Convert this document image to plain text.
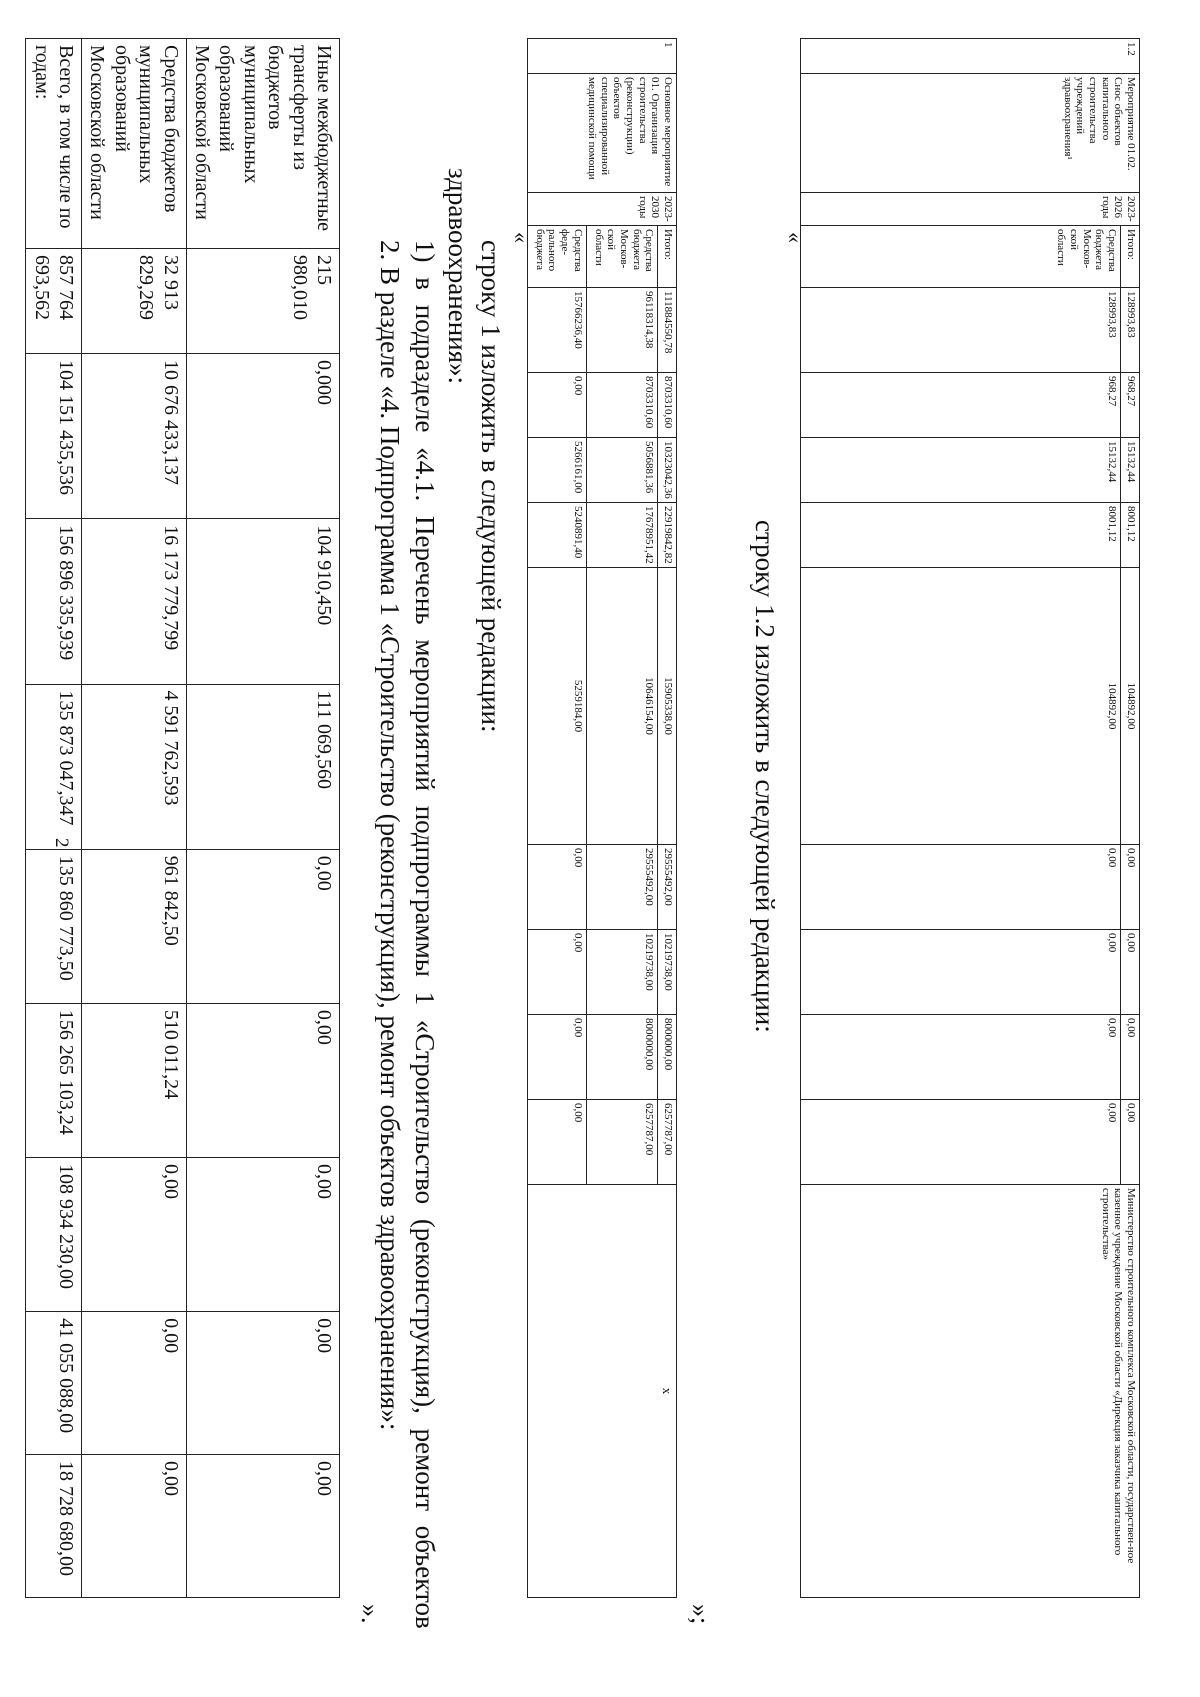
2
Иные межбюджетные трансферты из бюджетов муниципальных образований Московской области	215 980,010	0,000	104 910,450	111 069,560	0,00	0,00	0,00	0,00	0,00
Средства бюджетов муниципальных образований Московской области	32 913 829,269	10 676 433,137	16 173 779,799	4 591 762,593	961 842,50	510 011,24	0,00	0,00	0,00
Всего, в том числе по годам:	857 764 693,562	104 151 435,536	156 896 335,939	135 873 047,347	135 860 773,50	156 265 103,24	108 934 230,00	41 055 088,00	18 728 680,00
».
2. В разделе «4. Подпрограмма 1 «Строительство (реконструкция), ремонт объектов здравоохранения»: 1) в подразделе «4.1. Перечень мероприятий подпрограммы 1 «Строительство (реконструкция), ремонт объектов здравоохранения»: строку 1 изложить в следующей редакции:
«
1	Основное мероприятие 01. Организация строительства (реконструкции) объектов специализированной медицинской помощи	2023-2030 годы	Итого:	111884550,78	8703310,60	10323042,36	22919842,82	15905338,00	29555492,00	10219738,00	8000000,00	6257787,00	х
			Средства бюджета Москов-ской области	96118314,38	8703310,60	5056881,36	17678951,42	10646154,00	29555492,00	10219738,00	8000000,00	6257787,00	
			Средства феде-рального бюджета	15766236,40	0,00	5266161,00	5240891,40	5259184,00	0,00	0,00	0,00	0,00	
»;
строку 1.2 изложить в следующей редакции:
«
1.2	Мероприятие 01.02. Снос объектов капитального строительства учреждений здравоохранения¹	2023-2026 годы	Итого:	128993,83	968,27	15132,44	8001,12	104892,00	0,00	0,00	0,00	0,00	Министерство строительного комплекса Московской области, государствен-ное казенное учреждение Московской области «Дирекция заказчика капитального строительства»
			Средства бюджета Москов-ской области	128993,83	968,27	15132,44	8001,12	104892,00	0,00	0,00	0,00	0,00	
